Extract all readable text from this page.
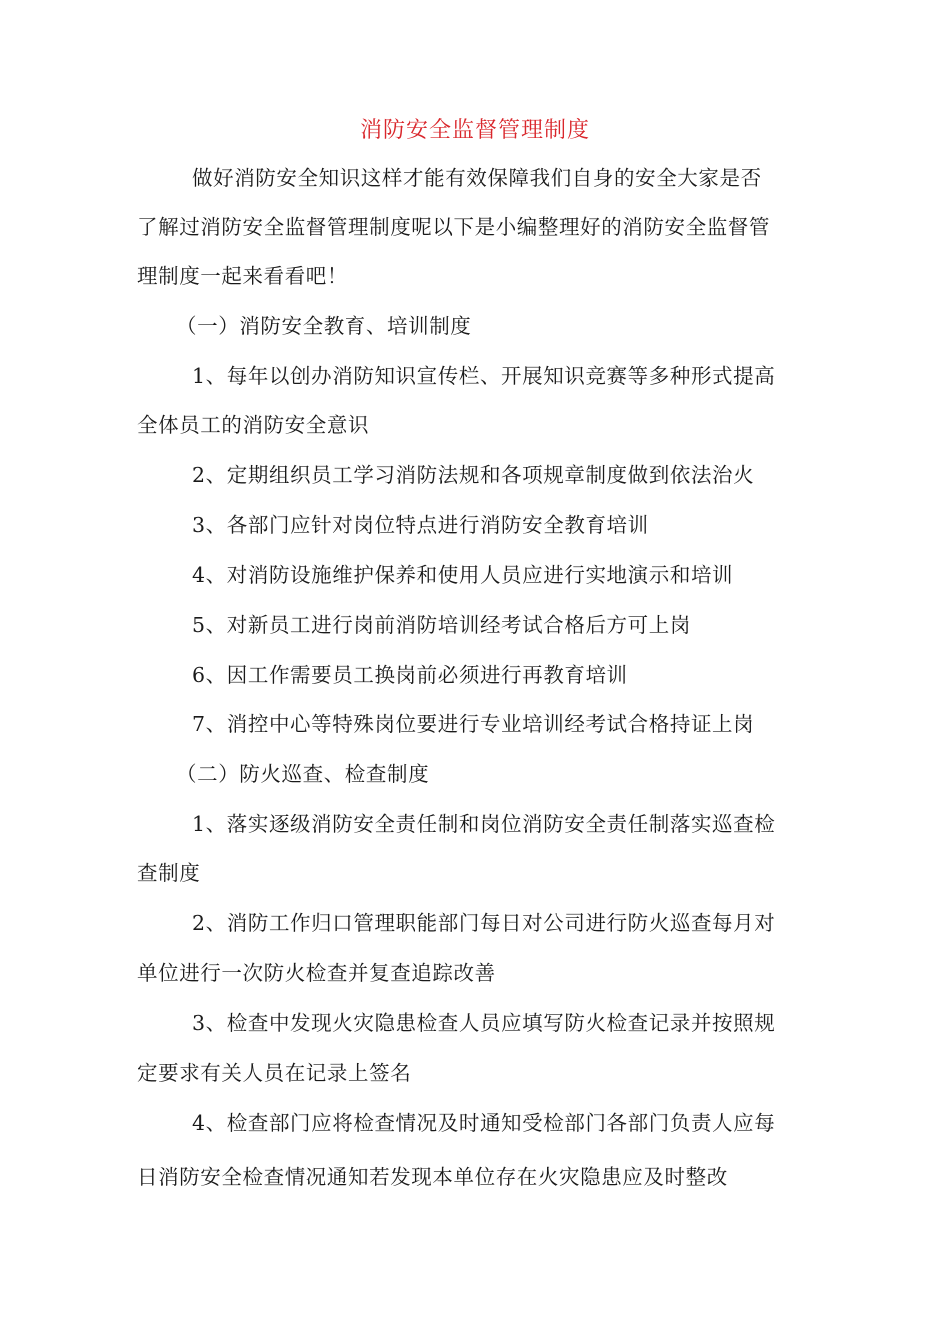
消防安全监督管理制度
做好消防安全知识这样才能有效保障我们自身的安全大家是否
了解过消防安全监督管理制度呢以下是小编整理好的消防安全监督管
理制度一起来看看吧！
（一）消防安全教育、培训制度
1、每年以创办消防知识宣传栏、开展知识竞赛等多种形式提高
全体员工的消防安全意识
2、定期组织员工学习消防法规和各项规章制度做到依法治火
3、各部门应针对岗位特点进行消防安全教育培训
4、对消防设施维护保养和使用人员应进行实地演示和培训
5、对新员工进行岗前消防培训经考试合格后方可上岗
6、因工作需要员工换岗前必须进行再教育培训
7、消控中心等特殊岗位要进行专业培训经考试合格持证上岗
（二）防火巡查、检查制度
1、落实逐级消防安全责任制和岗位消防安全责任制落实巡查检
查制度
2、消防工作归口管理职能部门每日对公司进行防火巡查每月对
单位进行一次防火检查并复查追踪改善
3、检查中发现火灾隐患检查人员应填写防火检查记录并按照规
定要求有关人员在记录上签名
4、检查部门应将检查情况及时通知受检部门各部门负责人应每
日消防安全检查情况通知若发现本单位存在火灾隐患应及时整改
